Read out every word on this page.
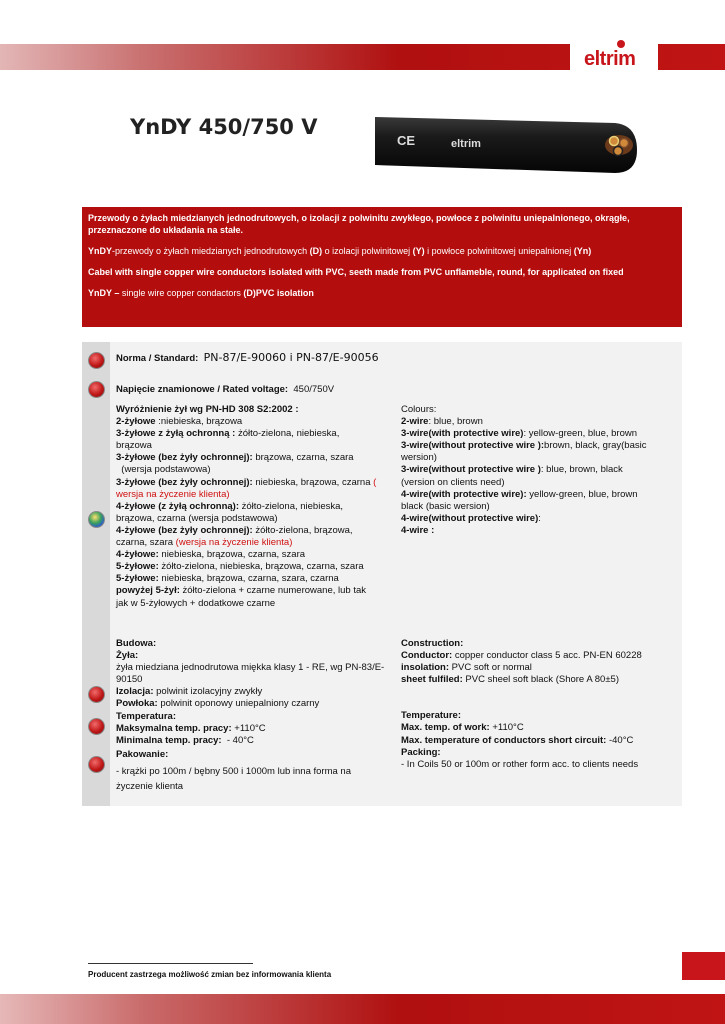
eltrim
YnDY 450/750 V
CE	eltrim

Przewody o żyłach miedzianych jednodrutowych, o izolacji z polwinitu zwykłego, powłoce z polwinitu uniepalnionego, okrągłe, przeznaczone do układania na stałe.

YnDY-przewody o żyłach miedzianych jednodrutowych (D) o izolacji polwinitowej (Y) i powłoce polwinitowej uniepalnionej (Yn)

Cabel with single copper wire conductors isolated with PVC, seeth made from PVC unflameble, round, for applicated on fixed

YnDY – single wire copper condactors (D)PVC isolation

Norma / Standard: PN-87/E-90060 i PN-87/E-90056
Napięcie znamionowe / Rated voltage: 450/750V
Wyróżnienie żył wg PN-HD 308 S2:2002 :
2-żyłowe :niebieska, brązowa
3-żyłowe z żyłą ochronną : żółto-zielona, niebieska,
brązowa
3-żyłowe (bez żyły ochronnej): brązowa, czarna, szara
(wersja podstawowa)
3-żyłowe (bez żyły ochronnej): niebieska, brązowa, czarna (
wersja na życzenie klienta)
4-żyłowe (z żyłą ochronną): żółto-zielona, niebieska,
brązowa, czarna (wersja podstawowa)
4-żyłowe (bez żyły ochronnej): żółto-zielona, brązowa,
czarna, szara (wersja na życzenie klienta)
4-żyłowe: niebieska, brązowa, czarna, szara
5-żyłowe: żółto-zielona, niebieska, brązowa, czarna, szara
5-żyłowe: niebieska, brązowa, czarna, szara, czarna
powyżej 5-żył: żółto-zielona + czarne numerowane, lub tak
jak w 5-żyłowych + dodatkowe czarne
Colours:
2-wire: blue, brown
3-wire(with protective wire): yellow-green, blue, brown
3-wire(without protective wire ):brown, black, gray(basic
wersion)
3-wire(without protective wire ): blue, brown, black
(version on clients need)
4-wire(with protective wire): yellow-green, blue, brown
black (basic wersion)
4-wire(without protective wire):
4-wire :
Budowa:
Żyła:
żyła miedziana jednodrutowa miękka klasy 1 - RE, wg PN-83/E-
90150
Izolacja: polwinit izolacyjny zwykły
Powłoka: polwinit oponowy uniepalniony czarny
Temperatura:
Maksymalna temp. pracy: +110°C
Minimalna temp. pracy:  - 40°C
Pakowanie:
- krążki po 100m / bębny 500 i 1000m lub inna forma na
życzenie klienta
Construction:
Conductor: copper conductor class 5 acc. PN-EN 60228
insolation: PVC soft or normal
sheet fulfiled: PVC sheel soft black (Shore A 80±5)
Temperature:
Max. temp. of work: +110°C
Max. temperature of conductors short circuit: -40°C
Packing:
- In Coils 50 or 100m or rother form acc. to clients needs
Producent zastrzega możliwość zmian bez informowania klienta
